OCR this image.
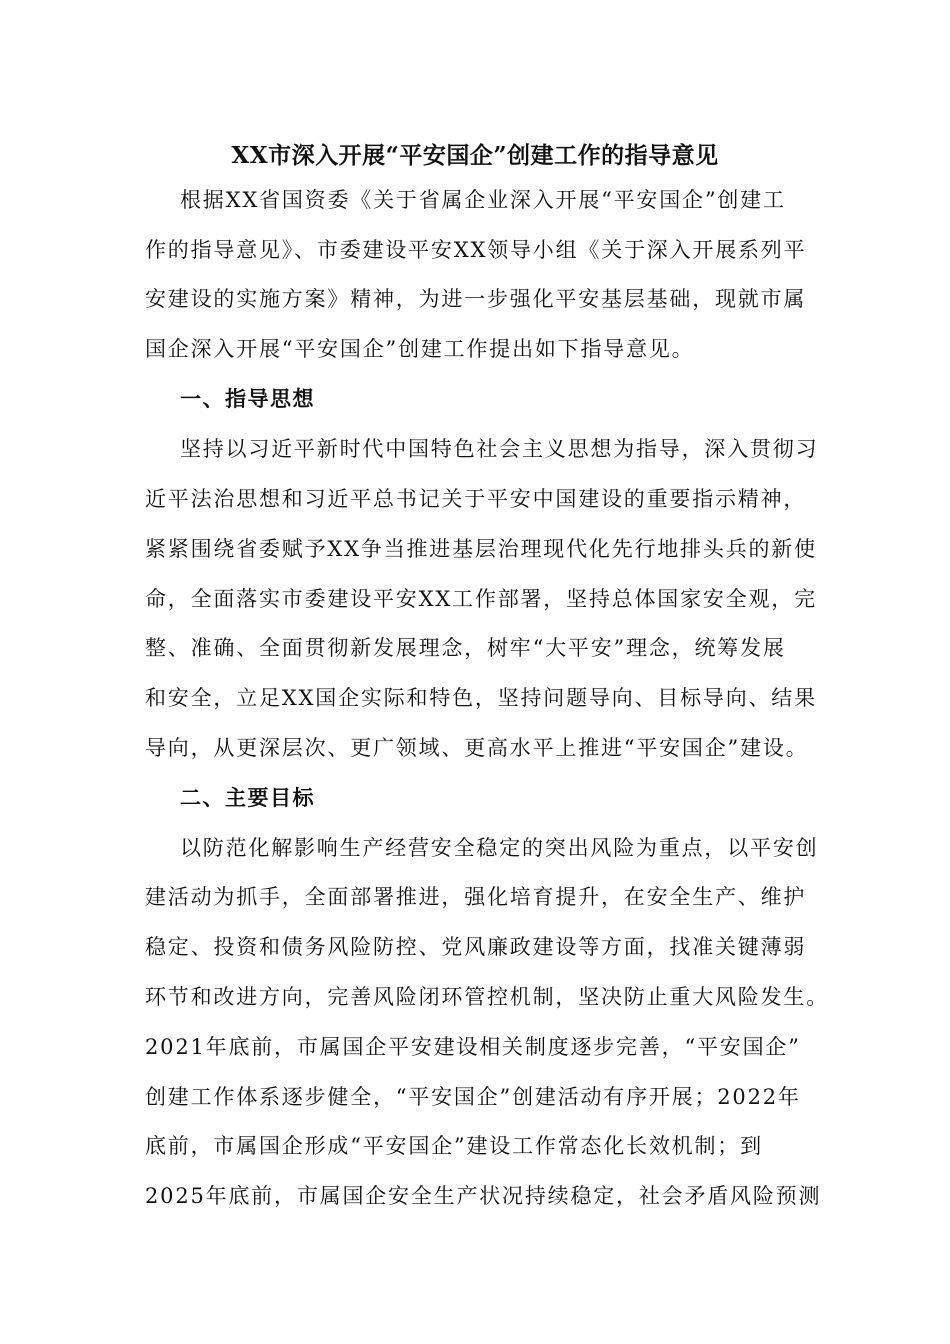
XX市深入开展“平安国企”创建工作的指导意见
根据XX省国资委《关于省属企业深入开展“平安国企”创建工
作的指导意见》、市委建设平安XX领导小组《关于深入开展系列平
安建设的实施方案》精神，为进一步强化平安基层基础，现就市属
国企深入开展“平安国企”创建工作提出如下指导意见。
一、指导思想
坚持以习近平新时代中国特色社会主义思想为指导，深入贯彻习
近平法治思想和习近平总书记关于平安中国建设的重要指示精神，
紧紧围绕省委赋予XX争当推进基层治理现代化先行地排头兵的新使
命，全面落实市委建设平安XX工作部署，坚持总体国家安全观，完
整、准确、全面贯彻新发展理念，树牢“大平安”理念，统筹发展
和安全，立足XX国企实际和特色，坚持问题导向、目标导向、结果
导向，从更深层次、更广领域、更高水平上推进“平安国企”建设。
二、主要目标
以防范化解影响生产经营安全稳定的突出风险为重点，以平安创
建活动为抓手，全面部署推进，强化培育提升，在安全生产、维护
稳定、投资和债务风险防控、党风廉政建设等方面，找准关键薄弱
环节和改进方向，完善风险闭环管控机制，坚决防止重大风险发生。
2021年底前，市属国企平安建设相关制度逐步完善，“平安国企”
创建工作体系逐步健全，“平安国企”创建活动有序开展；2022年
底前，市属国企形成“平安国企”建设工作常态化长效机制；到
2025年底前，市属国企安全生产状况持续稳定，社会矛盾风险预测
